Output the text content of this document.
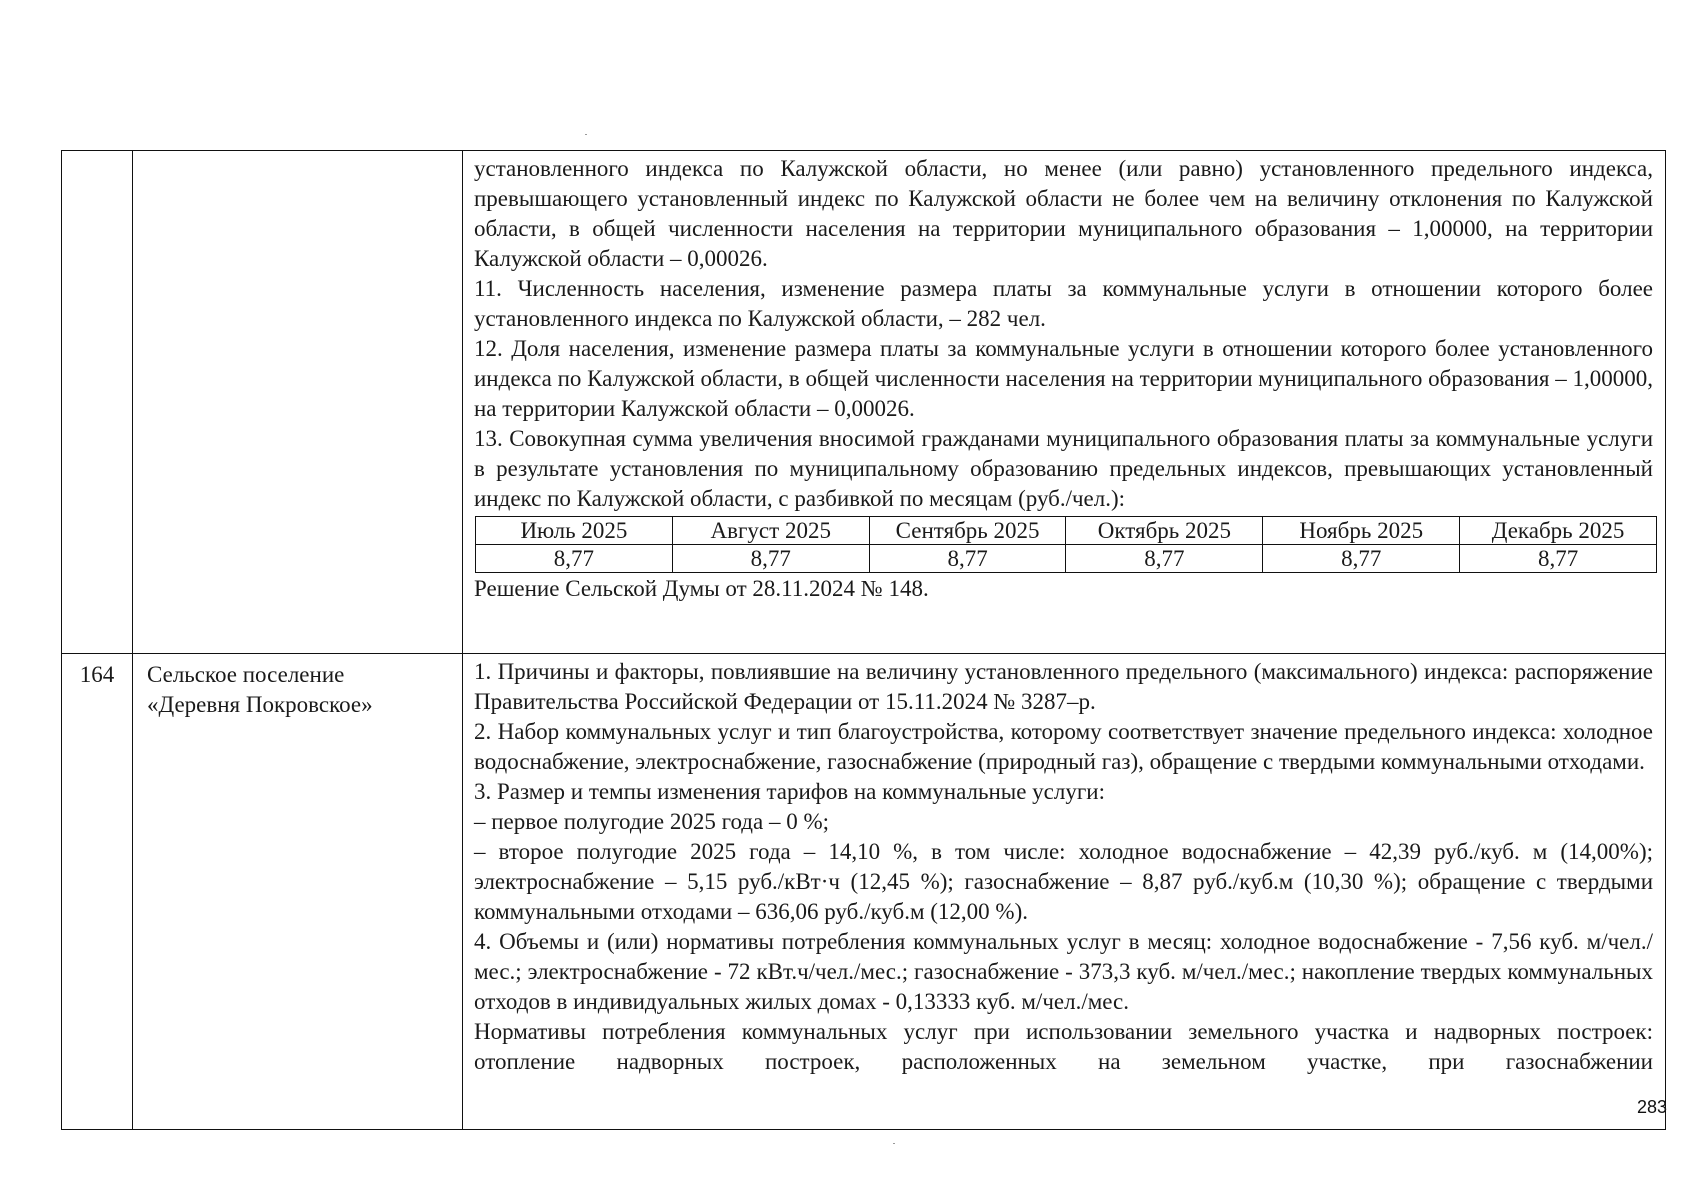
установленного индекса по Калужской области, но менее (или равно) установленного предельного индекса, превышающего установленный индекс по Калужской области не более чем на величину отклонения по Калужской области, в общей численности населения на территории муниципального образования – 1,00000, на территории Калужской области – 0,00026.

11. Численность населения, изменение размера платы за коммунальные услуги в отношении которого более установленного индекса по Калужской области, – 282 чел.

12. Доля населения, изменение размера платы за коммунальные услуги в отношении которого более установленного индекса по Калужской области, в общей численности населения на территории муниципального образования – 1,00000, на территории Калужской области – 0,00026.

13. Совокупная сумма увеличения вносимой гражданами муниципального образования платы за коммунальные услуги в результате установления по муниципальному образованию предельных индексов, превышающих установленный индекс по Калужской области, с разбивкой по месяцам (руб./чел.):

Июль 2025	Август 2025	Сентябрь 2025	Октябрь 2025	Ноябрь 2025	Декабрь 2025
8,77	8,77	8,77	8,77	8,77	8,77

Решение Сельской Думы от 28.11.2024 № 148.

164	Сельское поселение
«Деревня Покровское»

1. Причины и факторы, повлиявшие на величину установленного предельного (максимального) индекса: распоряжение Правительства Российской Федерации от 15.11.2024 № 3287–р.

2. Набор коммунальных услуг и тип благоустройства, которому соответствует значение предельного индекса: холодное водоснабжение, электроснабжение, газоснабжение (природный газ), обращение с твердыми коммунальными отходами.

3. Размер и темпы изменения тарифов на коммунальные услуги:

– первое полугодие 2025 года – 0 %;

– второе полугодие 2025 года – 14,10 %, в том числе: холодное водоснабжение – 42,39 руб./куб. м (14,00%); электроснабжение – 5,15 руб./кВт·ч (12,45 %); газоснабжение – 8,87 руб./куб.м (10,30 %); обращение с твердыми коммунальными отходами – 636,06 руб./куб.м (12,00 %).

4. Объемы и (или) нормативы потребления коммунальных услуг в месяц: холодное водоснабжение - 7,56 куб. м/чел./мес.; электроснабжение - 72 кВт.ч/чел./мес.; газоснабжение - 373,3 куб. м/чел./мес.; накопление твердых коммунальных отходов в индивидуальных жилых домах - 0,13333 куб. м/чел./мес.

Нормативы потребления коммунальных услуг при использовании земельного участка и надворных построек: отопление надворных построек, расположенных на земельном участке, при газоснабжении

283
